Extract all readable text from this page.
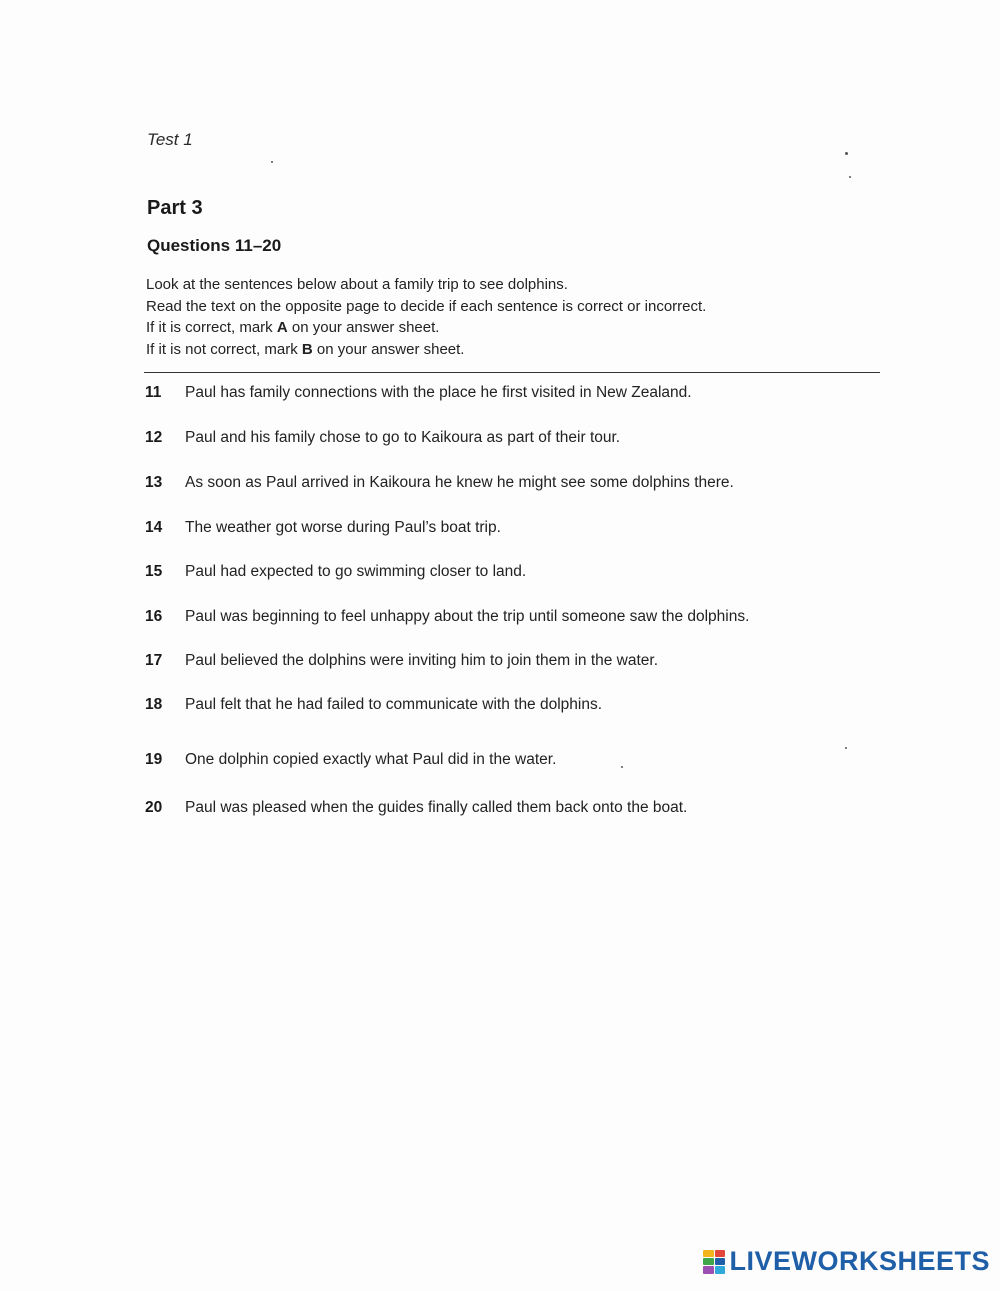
Test 1
Part 3
Questions 11–20
Look at the sentences below about a family trip to see dolphins.
Read the text on the opposite page to decide if each sentence is correct or incorrect.
If it is correct, mark A on your answer sheet.
If it is not correct, mark B on your answer sheet.
11 Paul has family connections with the place he first visited in New Zealand.
12 Paul and his family chose to go to Kaikoura as part of their tour.
13 As soon as Paul arrived in Kaikoura he knew he might see some dolphins there.
14 The weather got worse during Paul’s boat trip.
15 Paul had expected to go swimming closer to land.
16 Paul was beginning to feel unhappy about the trip until someone saw the dolphins.
17 Paul believed the dolphins were inviting him to join them in the water.
18 Paul felt that he had failed to communicate with the dolphins.
19 One dolphin copied exactly what Paul did in the water.
20 Paul was pleased when the guides finally called them back onto the boat.
LIVEWORKSHEETS
